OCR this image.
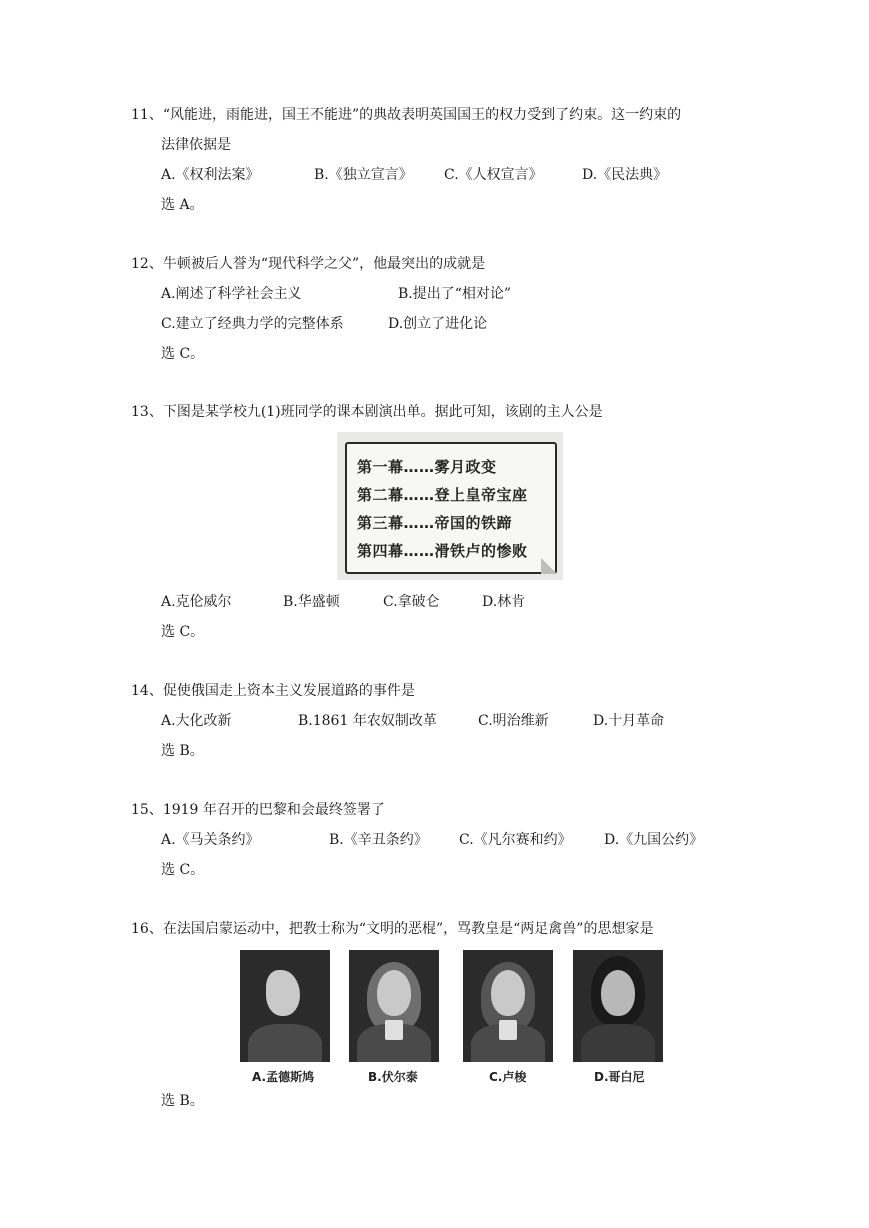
11、“风能进，雨能进，国王不能进”的典故表明英国国王的权力受到了约束。这一约束的
法律依据是
A.《权利法案》	B.《独立宣言》 C.《人权宣言》	D.《民法典》
选 A。
12、牛顿被后人誉为“现代科学之父”，他最突出的成就是
A.阐述了科学社会主义	B.提出了“相对论”
C.建立了经典力学的完整体系	D.创立了进化论
选 C。
13、下图是某学校九(1)班同学的课本剧演出单。据此可知，该剧的主人公是
第一幕……雾月政变
第二幕……登上皇帝宝座
第三幕……帝国的铁蹄
第四幕……滑铁卢的惨败
A.克伦威尔	B.华盛顿	C.拿破仑	D.林肯
选 C。
14、促使俄国走上资本主义发展道路的事件是
A.大化改新	B.1861 年农奴制改革	C.明治维新	D.十月革命
选 B。
15、1919 年召开的巴黎和会最终签署了
A.《马关条约》	B.《辛丑条约》 C.《凡尔赛和约》 D.《九国公约》
选 C。
16、在法国启蒙运动中，把教士称为“文明的恶棍”，骂教皇是“两足禽兽”的思想家是
A.孟德斯鸠	B.伏尔泰	C.卢梭	D.哥白尼
选 B。
